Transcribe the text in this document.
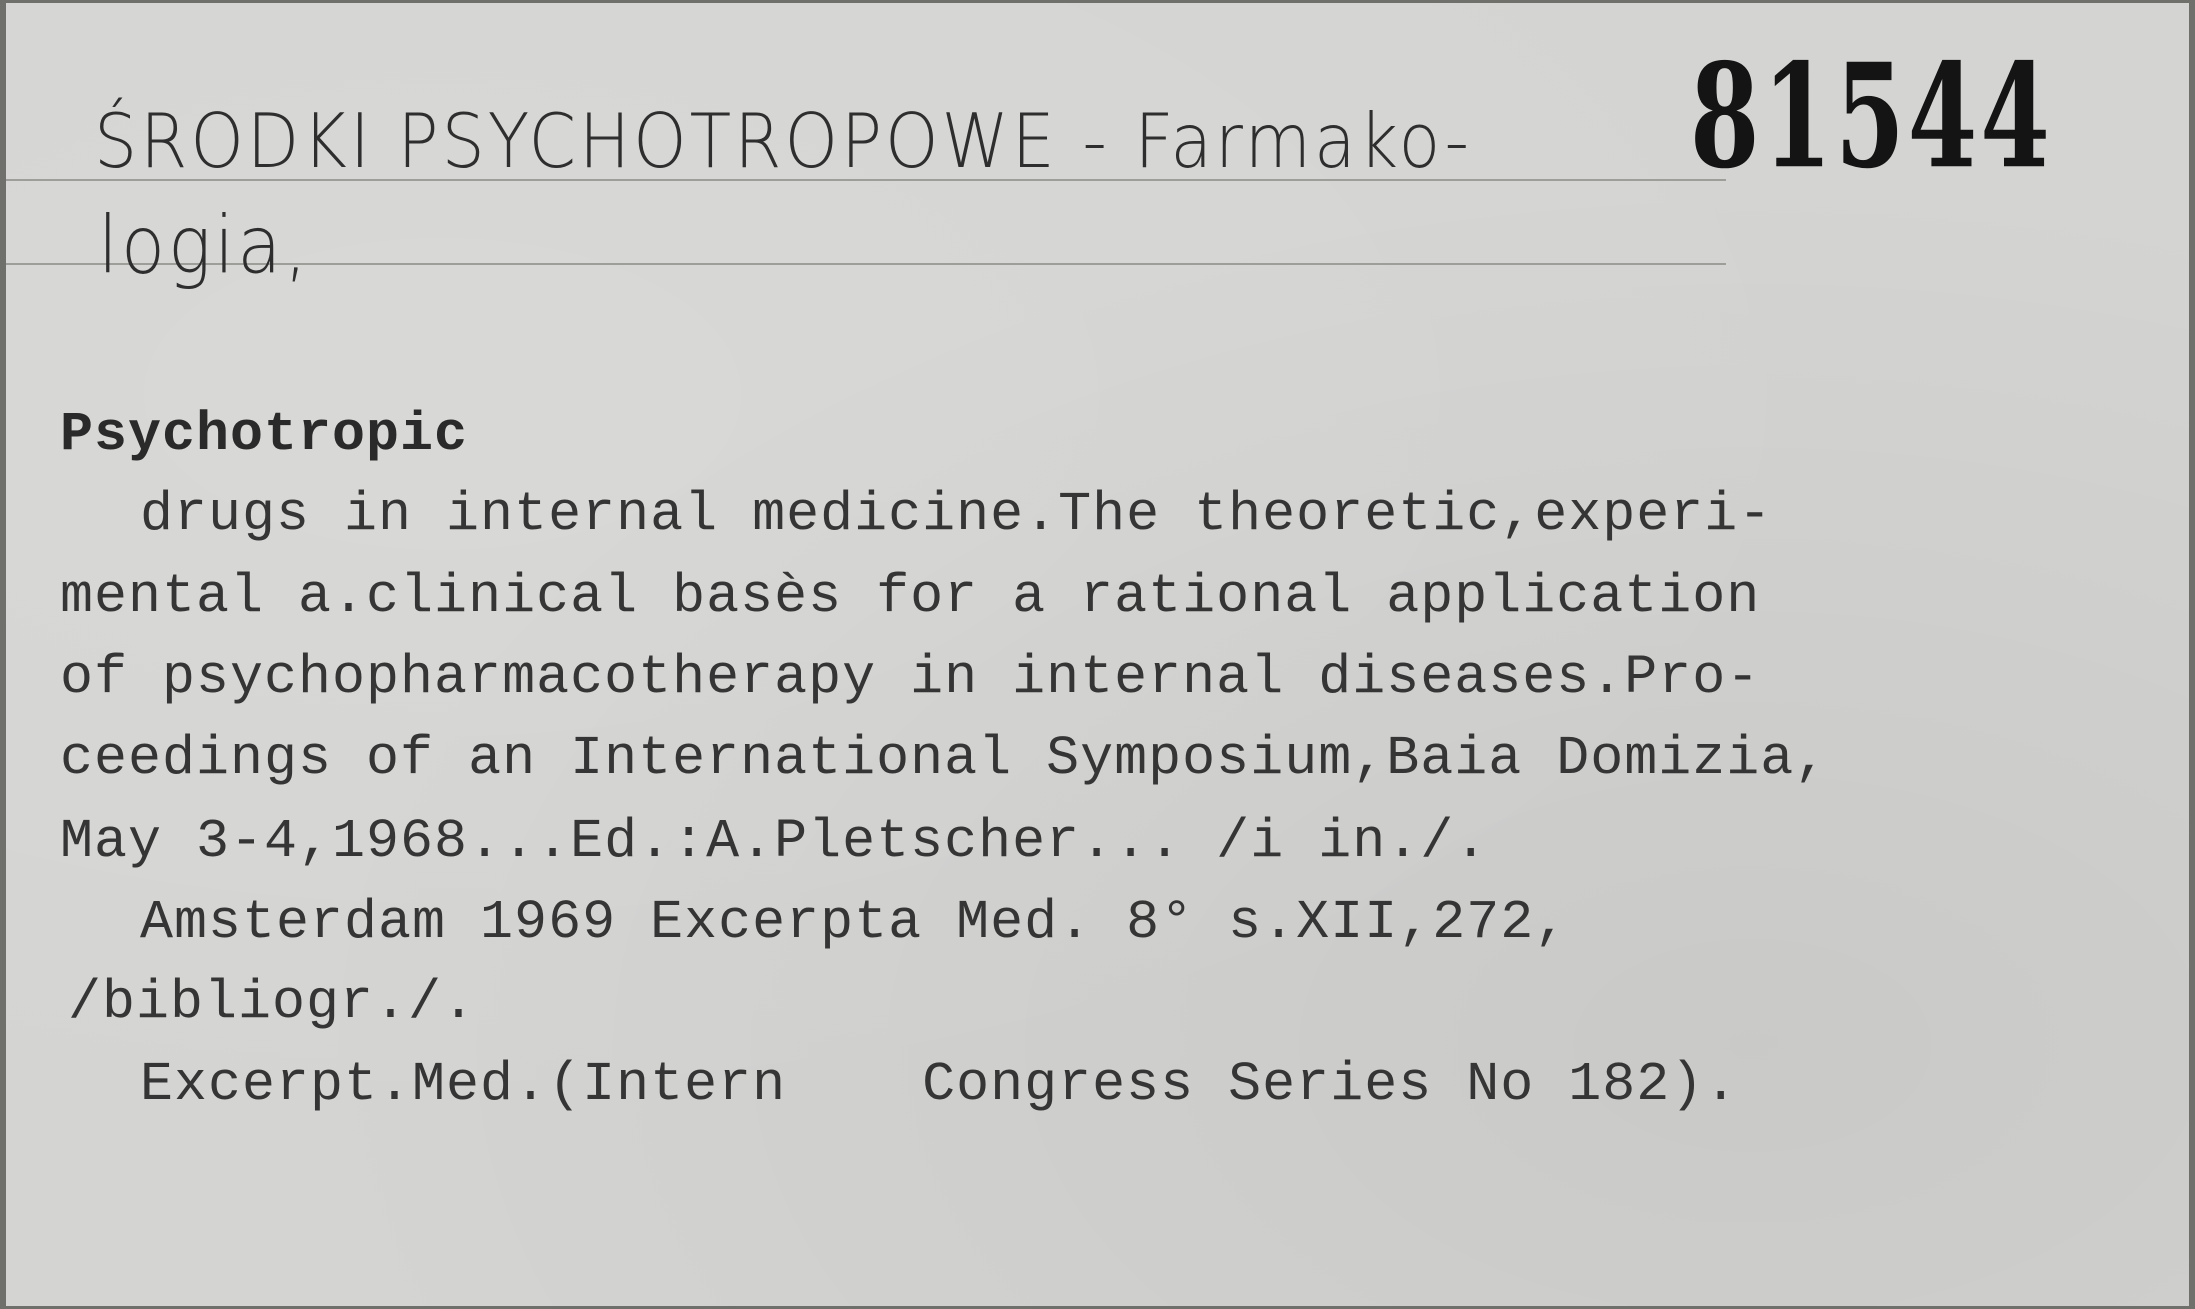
ŚRODKI PSYCHOTROPOWE - Farmako-
logia,
81544
Psychotropic
drugs in internal medicine.The theoretic,experi-
mental a.clinical basès for a rational application
of psychopharmacotherapy in internal diseases.Pro-
ceedings of an International Symposium,Baia Domizia,
May 3-4,1968...Ed.:A.Pletscher... /i in./.
Amsterdam 1969 Excerpta Med. 8° s.XII,272,
/bibliogr./.
Excerpt.Med.(Intern    Congress Series No 182).
